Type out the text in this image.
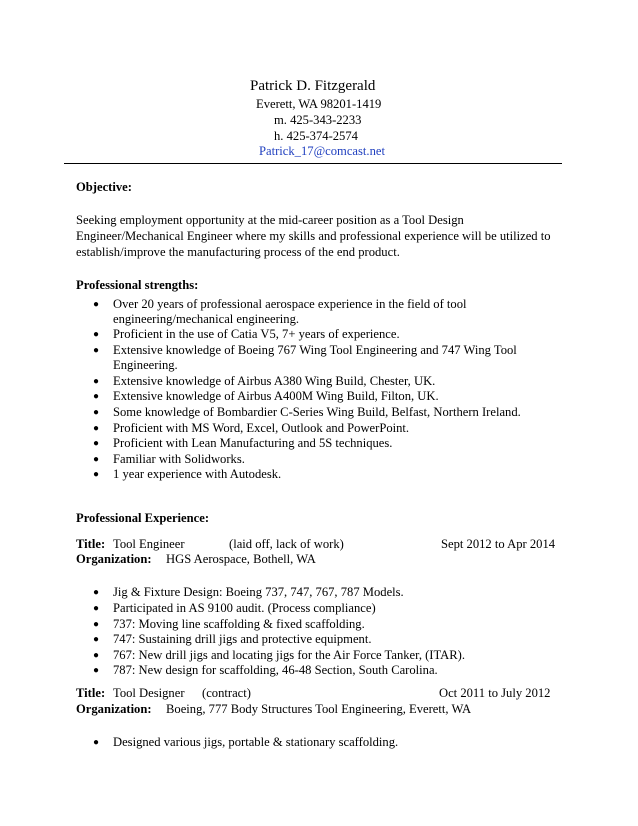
Patrick D. Fitzgerald
Everett, WA 98201-1419
m. 425-343-2233
h. 425-374-2574
Patrick_17@comcast.net
Objective:
Seeking employment opportunity at the mid-career position as a Tool Design
Engineer/Mechanical Engineer where my skills and professional experience will be utilized to
establish/improve the manufacturing process of the end product.
Professional strengths:
● Over 20 years of professional aerospace experience in the field of tool
engineering/mechanical engineering.
● Proficient in the use of Catia V5, 7+ years of experience.
● Extensive knowledge of Boeing 767 Wing Tool Engineering and 747 Wing Tool
Engineering.
● Extensive knowledge of Airbus A380 Wing Build, Chester, UK.
● Extensive knowledge of Airbus A400M Wing Build, Filton, UK.
● Some knowledge of Bombardier C-Series Wing Build, Belfast, Northern Ireland.
● Proficient with MS Word, Excel, Outlook and PowerPoint.
● Proficient with Lean Manufacturing and 5S techniques.
● Familiar with Solidworks.
● 1 year experience with Autodesk.
Professional Experience:
Title: Tool Engineer	(laid off, lack of work)	Sept 2012 to Apr 2014
Organization: HGS Aerospace, Bothell, WA
● Jig & Fixture Design: Boeing 737, 747, 767, 787 Models.
● Participated in AS 9100 audit. (Process compliance)
● 737: Moving line scaffolding & fixed scaffolding.
● 747: Sustaining drill jigs and protective equipment.
● 767: New drill jigs and locating jigs for the Air Force Tanker, (ITAR).
● 787: New design for scaffolding, 46-48 Section, South Carolina.
Title: Tool Designer (contract)	Oct 2011 to July 2012
Organization: Boeing, 777 Body Structures Tool Engineering, Everett, WA
● Designed various jigs, portable & stationary scaffolding.
